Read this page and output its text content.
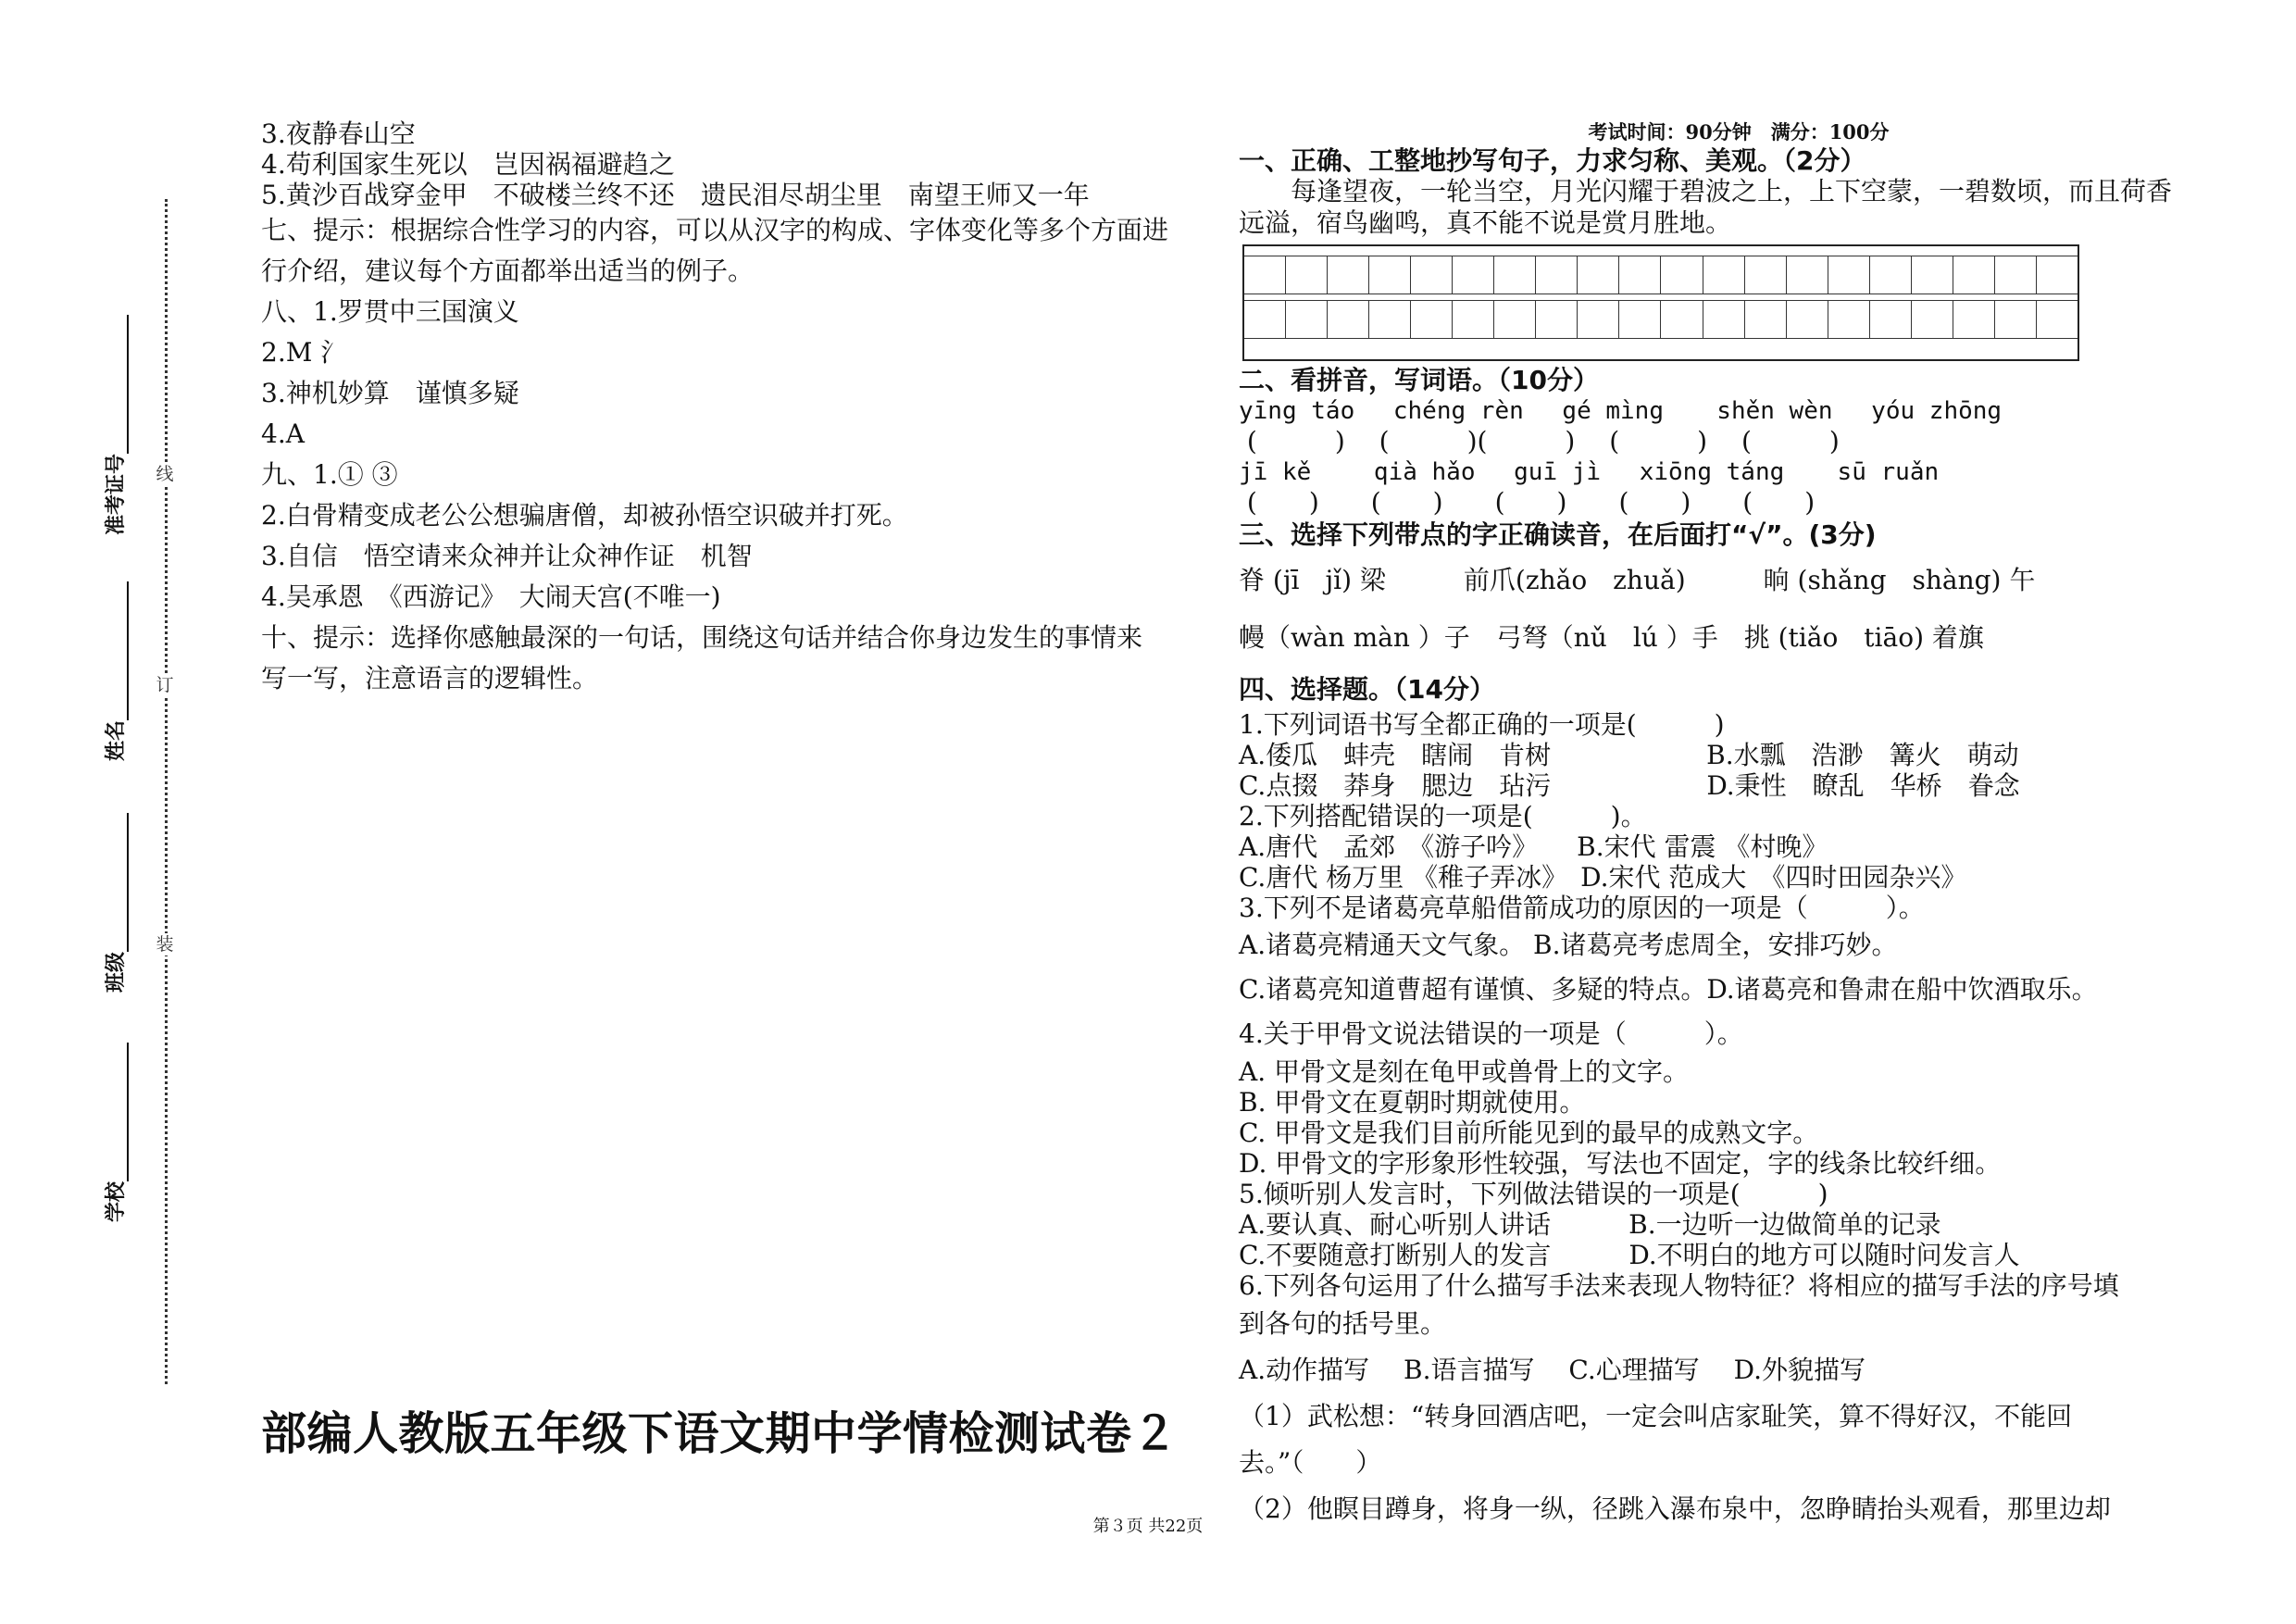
线
订
装
准考证号
姓名
班级
学校
3.夜静春山空
4.苟利国家生死以　岂因祸福避趋之
5.黄沙百战穿金甲　不破楼兰终不还　遗民泪尽胡尘里　南望王师又一年
七、提示：根据综合性学习的内容，可以从汉字的构成、字体变化等多个方面进
行介绍，建议每个方面都举出适当的例子。
八、1.罗贯中三国演义
2.M 氵
3.神机妙算　谨慎多疑
4.A
九、1.① ③
2.白骨精变成老公公想骗唐僧，却被孙悟空识破并打死。
3.自信　悟空请来众神并让众神作证　机智
4.吴承恩　《西游记》　大闹天宫(不唯一)
十、提示：选择你感触最深的一句话，围绕这句话并结合你身边发生的事情来
写一写，注意语言的逻辑性。
部编人教版五年级下语文期中学情检测试卷２
考试时间：90分钟　满分：100分
一、正确、工整地抄写句子，力求匀称、美观。（2分）
每逢望夜，一轮当空，月光闪耀于碧波之上，上下空蒙，一碧数顷，而且荷香远溢，宿鸟幽鸣，真不能不说是赏月胜地。
二、看拼音，写词语。（10分）
yīng táo　 chéng rèn　 gé mìng　  shěn wèn　 yóu zhōng
(　　　)　 (　　　)(　　　)　 (　　　)　 (　　　)
jī kě　　 qià hǎo　 guī jì　 xiōng táng　  sū ruǎn
(　　)　　(　　)　　(　　)　　(　　)　　(　　)
三、选择下列带点的字正确读音，在后面打“√”。(3分)
脊 (jī　jǐ) 梁　　　前爪(zhǎo　zhuǎ)　　　晌 (shǎng　shàng) 午
幔（wàn màn ）子　弓弩（nǔ　lú ）手　挑 (tiǎo　tiāo) 着旗
四、选择题。（14分）
1.下列词语书写全都正确的一项是(　　　)
A.倭瓜　蚌壳　瞎闹　肯树　　　　　　B.水瓢　浩渺　篝火　萌动
C.点掇　莽身　腮边　玷污　　　　　　D.秉性　瞭乱　华桥　眷念
2.下列搭配错误的一项是(　　　)。
A.唐代　孟郊　《游子吟》　　B.宋代 雷震 《村晚》
C.唐代 杨万里 《稚子弄冰》　D.宋代 范成大　《四时田园杂兴》
3.下列不是诸葛亮草船借箭成功的原因的一项是（　　　）。
A.诸葛亮精通天文气象。 B.诸葛亮考虑周全，安排巧妙。
C.诸葛亮知道曹超有谨慎、多疑的特点。D.诸葛亮和鲁肃在船中饮酒取乐。
4.关于甲骨文说法错误的一项是（　　　）。
A. 甲骨文是刻在龟甲或兽骨上的文字。
B. 甲骨文在夏朝时期就使用。
C. 甲骨文是我们目前所能见到的最早的成熟文字。
D. 甲骨文的字形象形性较强，写法也不固定，字的线条比较纤细。
5.倾听别人发言时，下列做法错误的一项是(　　　)
A.要认真、耐心听别人讲话　　　B.一边听一边做简单的记录
C.不要随意打断别人的发言　　　D.不明白的地方可以随时问发言人
6.下列各句运用了什么描写手法来表现人物特征？将相应的描写手法的序号填
到各句的括号里。
A.动作描写　 B.语言描写　 C.心理描写　 D.外貌描写
（1）武松想：“转身回酒店吧，一定会叫店家耻笑，算不得好汉，不能回
去。”（　　）
（2）他瞑目蹲身，将身一纵，径跳入瀑布泉中，忽睁睛抬头观看，那里边却
第３页 共22页
